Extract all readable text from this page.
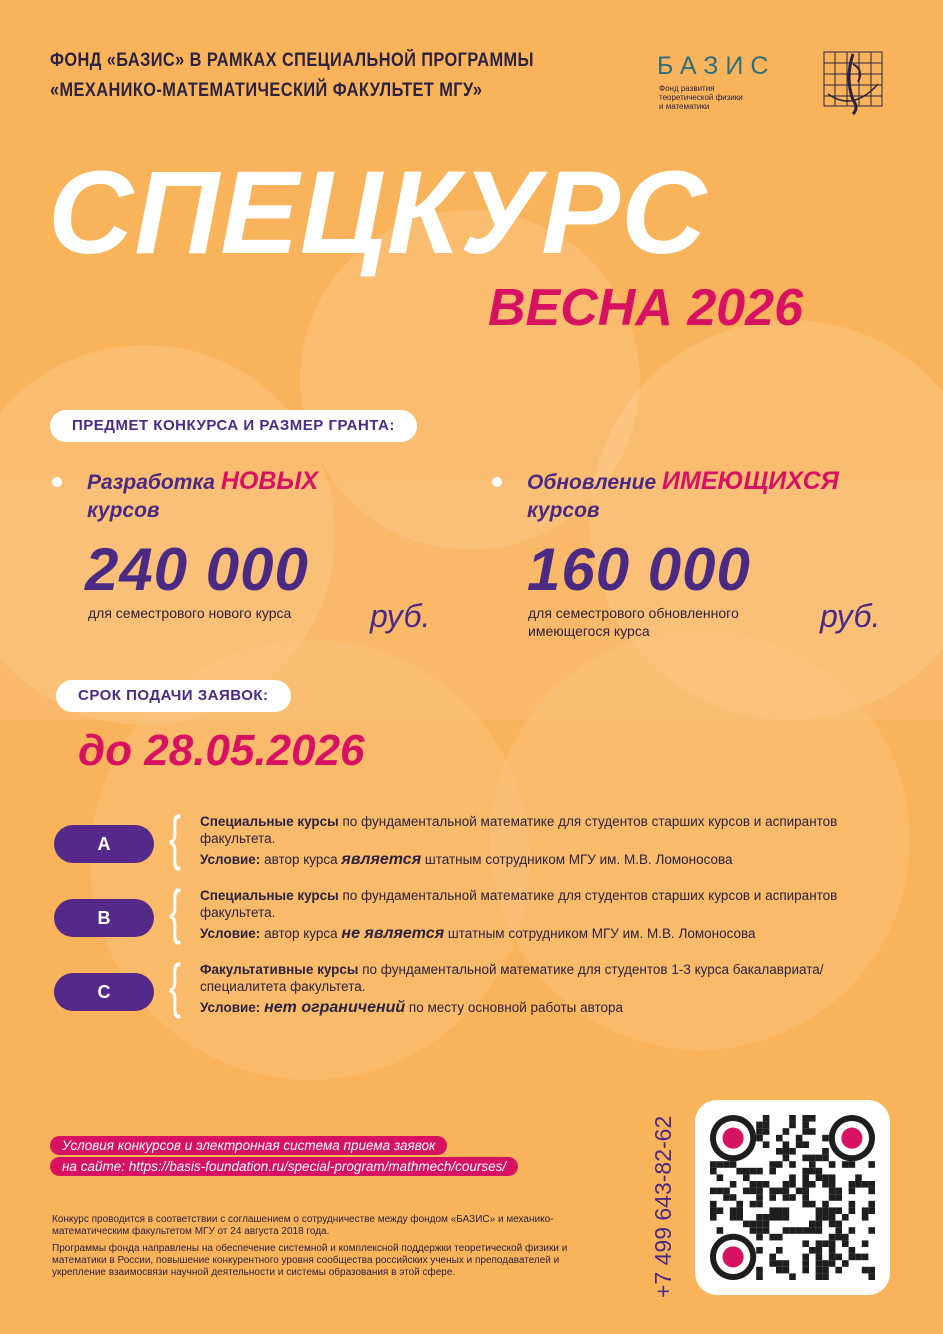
ФОНД «БАЗИС» В РАМКАХ СПЕЦИАЛЬНОЙ ПРОГРАММЫ
«МЕХАНИКО-МАТЕМАТИЧЕСКИЙ ФАКУЛЬТЕТ МГУ»
БАЗИС
Фонд развития
теоретической физики
и математики
СПЕЦКУРС
ВЕСНА 2026
ПРЕДМЕТ КОНКУРСА И РАЗМЕР ГРАНТА:
Разработка НОВЫХ
курсов
240 000
для семестрового нового курса	руб.
Обновление ИМЕЮЩИХСЯ
курсов
160 000
для семестрового обновленного имеющегося курса	руб.
СРОК ПОДАЧИ ЗАЯВОК:
до 28.05.2026
A { Специальные курсы по фундаментальной математике для студентов старших курсов и аспирантов факультета.
Условие: автор курса является штатным сотрудником МГУ им. М.В. Ломоносова
B { Специальные курсы по фундаментальной математике для студентов старших курсов и аспирантов факультета.
Условие: автор курса не является штатным сотрудником МГУ им. М.В. Ломоносова
C { Факультативные курсы по фундаментальной математике для студентов 1-3 курса бакалавриата/специалитета факультета.
Условие: нет ограничений по месту основной работы автора
Условия конкурсов и электронная система приема заявок
на сайте: https://basis-foundation.ru/special-program/mathmech/courses/
Конкурс проводится в соответствии с соглашением о сотрудничестве между фондом «БАЗИС» и механико-математическим факультетом МГУ от 24 августа 2018 года.
Программы фонда направлены на обеспечение системной и комплексной поддержки теоретической физики и математики в России, повышение конкурентного уровня сообщества российских ученых и преподавателей и укрепление взаимосвязи научной деятельности и системы образования в этой сфере.	+7 499 643-82-62
